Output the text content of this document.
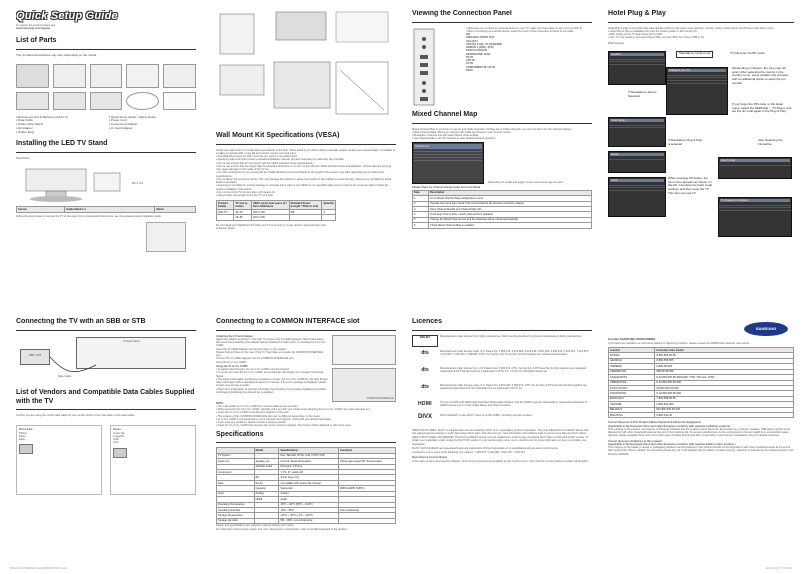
Quick Setup Guide
To register the product please see
www.samsung.com/register
List of Parts
The provided accessories may vary depending on the model.
▪ Remote Control & Batteries (AAA x 2)
▪ Data Cable
▪ Holder-Wire Stand
▪ AV Adapter
▪ Holder-Ring
▪ Quick Setup Guide / Safety Guide
▪ Power Cord
▪ Component Adapter
▪ CI Card Adapter
Installing the LED TV Stand
Stand Parts
M4 X L12
Screws	Guide Stand x 1	Stand
Follow the steps below to connect the TV to the stand. For more detailed instructions, see the separate stand installation guide.
Wall Mount Kit Specifications (VESA)
Install your wall mount on a solid wall perpendicular to the floor. When attaching to other building materials, please contact your nearest dealer. If installed on a ceiling or slanted wall, it may fall and result in severe personal injury.
▪ Standard dimensions for wall mount kits are shown in the table below.
▪ Samsung wall mount kits contain a detailed installation manual. All parts necessary for assembly are provided.
▪ Do not use screws that do not comply with the VESA standard screw specifications.
▪ Do not use screws that are longer than the standard dimension or do not comply with the VESA standard screw specifications. Screws that are too long may cause damage to the inside of the TV set.
▪ For wall mounts that do not comply with the VESA standard screw specifications, the length of the screws may differ depending on the wall mount specifications.
▪ Do not fasten the screws too firmly. This may damage the product or cause the product to fall, leading to personal injury. Samsung is not liable for these kinds of accidents.
▪ Samsung is not liable for product damage or personal injury when a non-VESA or non-specified wall mount is used or the consumer fails to follow the product installation instructions.
▪ Do not mount the TV at more than a 15 degree tilt.
▪ Always have two people mount the TV on a wall.
Product Family	TV size in inches	VESA screw hole specs (A * B) in millimeters	Standard Screw (Length * Pitch in mm)	Quantity
LED-TV	32~40	200 X 200	M8	4
	46~55	400 X 400		
Do not install your Wall Mount Kit while your TV is turned on. It may result in personal injury due to electric shock.
Viewing the Connection Panel
▪ Whenever you connect an external device to your TV, make sure that power on the unit is turned off.
▪ When connecting an external device, match the color of the connection terminal to the cable.
DVI
VARIABLE AUDIO OUT
VGA (PC)
USB (5V 0.5A) / CLOCK(HDD)
HDMI IN 1 (ARC), (DVI)
PC/DVI AUDIO IN
HEADPHONE JACK
PC IN
ANT IN
PC IN
COMPONENT IN / AV IN
DATA
Mixed Channel Map
Mixed Channel Map is a function to mix Air and Cable channels. (If three are in Cable channels, you can mix them into the channel setting.)
▪ Mixed channel Map: Mixing Air channel with Cable and shows in your remote control.
▪ Broadcast / Channel List and select Mixed Channel Map.
▪ Use Channel Edit to sort the channel as user desired channel numbers.
Channel List
Depending on model and region, some menu items may not exist
Simple Steps for channel mixing under Auto tune Mode
Step	Description
1	Go to Mixed Channel Map configuration menu.
2	Operate Auto tune then check if the mixed channel list has been correctly created.
3	Store Channel Details and Channel Map Info.
4	Once Auto Tune is done, check channel list is updated.
5	Change the Mixed Channel List and the channels will be mixed automatically.
6	Check Mixed Channel Map is enabled.
Hotel Plug & Play
Hotel Plug & Play is a function that automatically performs the Hotel mode selection, Country, Setup, Clock Setup and Picture mode Setup menu.
▪ Hotel Plug & Play is available only once the whole product is first turned ON.
▪ After setting up the TV and Cloner TV to USB.
▪ Your TV only needs to exit Hotel Plug & Play, connect USB, then Clone USB to TV.
Wall Scenario
Location	Standalone mode is set	TV will enter the RF mode
If Standalone Hotel is Selected
Intelligent your TV
(Depending on Region, the step may not exist.) After selecting the country in the country menu, some models may proceed with an additional option to setup the pin number.
If you forget the PIN code, in the Hotel menu, select the SERVICE ... TV Reset, and set the pin code again in the Plug & Play.
Clock Setup
If Standalone Plug & Play is selected
Ready
After Selecting the Interactive
Auto Tuning
Clock
When pressing Off button, the next menu appears as shown on the left. Complete the hotel mode settings, and then reset the TV. The user can use TV.
TV change to complete
Connecting the TV with an SBB or STB
TV Rear Panel
SBB / STB
Data Cable
List of Vendors and Compatible Data Cables Supplied with the TV
Confirm you are using the correct data cable for your vendor. Refer to the code table on the data cables.
RJ-12 Jack
Philips
Data+
Data-
Enseo
Guest-Tek
LodgeNet
GND
3.3V
Connecting to a COMMON INTERFACE slot
Attaching the CI Card Adapter
Attach the adapter as shown in the right. To connect the CI CARD Adapter, follow these steps.
We recommend attaching the adapter before installing the wall mount, or inserting the CI or CI+ CARD.
Insert the CI CARD Adapter into the two holes on the product.
Please find two holes on the rear of the TV. Two holes are beside the COMMON INTERFACE port.
Connect the CI CARD Adapter into the COMMON INTERFACE port.
Insert the CI or CI+ CARD.
Using the CI or CI+ CARD
▪ To watch paid channels, the CI or CI+ CARD must be inserted.
▪ If you do not insert the CI or CI+ CARD, some channels will display the message Scrambled Signal.
▪ The pairing information containing a telephone number, the CI or CI+ CARD ID, the Host ID and other information will be displayed in about 2-3 minutes. If an error message is displayed, please contact your service provider.
▪ When the configuration of channel information has finished, the message Updating Completed is displayed, indicating the channel list is updated.
COMMON INTERFACE
NOTE
▪ You must obtain a CI or CI+ CARD from a local cable service provider.
▪ When removing the CI or CI+ CARD, carefully pull it out with your hands since dropping the CI or CI+ CARD may cause damage to it.
▪ Insert the CI or CI+ CARD in the direction marked on the card.
▪ The location of the COMMON INTERFACE slot may be different depending on the model.
▪ CI or CI+ CARD is not supported in some countries and regions; check with your authorized dealer.
▪ If you have any problems, please contact a service provider.
▪ Insert the CI or CI+ CARD that supports the current antenna settings. The screen will be distorted or will not be seen.
Specifications
	Model	Specifications	Comment
TV System		PAL, SECAM, NTSC 4.43, NTSC 3.58	
Audio out	Speaker out	Internal / External Speaker	Phone jack output 8Ω, Sound output
	Variable Audio	RCA jack, 0.5Vrms	
Component		Y, Pb, Pr: audio L/R	
	RF	Tuner Input only	
Data	RJ-12	Compatible with Guest-Tek / Enseo	
	Capacity	Supported	FRPH-ENPD SUPPL
Input	Analog	Analog	
	HDMI	Audio	
Operating Temperature		10°C ~ 40°C (50°F ~ 104°F)	
Operating Humidity		10% ~ 80%	Non condensing
Storage Temperature		-20°C ~ 45°C (-4°F ~ 113°F)	
Storage Humidity		5% ~ 95%, non-condensing	
Design and specifications are subject to change without prior notice.
For information about power supply, and more about power consumption, refer to the label attached to the product.
Licences
DOLBY	Manufactured under license from Dolby Laboratories. Dolby and the double-D symbol are trademarks of Dolby Laboratories.
dts	Manufactured under license under U.S. Patent #'s: 5,956,674; 5,974,380; 6,226,616; 6,487,535; 6,842,076; 7,003,467; 7,212,872; 7,272,567; 7,333,929; 7,548,853. DTS, the Symbol, & DTS and the Symbol together are registered trademarks.
dts	Manufactured under license from U.S. Patent Nos: 5,956,674. DTS, the Symbol, & DTS and the Symbol together are registered trademarks & DTS Studio Sound is a trademark of DTS, Inc. © DTS, Inc. All Rights Reserved.
dts	Manufactured under license under U.S. Patent #'s: 5,451,942; 5,956,674. DTS, the Symbol, & DTS and the Symbol together are registered trademarks & DTS 2.0+Digital Out is a trademark of DTS, Inc.
HDMI	The terms HDMI and HDMI High-Definition Multimedia Interface, and the HDMI Logo are trademarks or registered trademarks of HDMI Licensing LLC in the United States and other countries.
DIVX	DivX Certified® to play DivX® video up to HD 1080p, including premium content.
ABOUT DIVX VIDEO: DivX® is a digital video format created by DivX, LLC, a subsidiary of Rovi Corporation. This is an official DivX Certified® device that has passed rigorous testing to verify that it plays DivX video. Visit divx.com for more information and software tools to convert your files into DivX videos.
ABOUT DIVX VIDEO-ON-DEMAND: This DivX Certified® device must be registered in order to play purchased DivX Video-on-Demand (VOD) movies. To obtain your registration code, locate the DivX VOD section in your device setup menu. Go to vod.divx.com for more information on how to complete your registration.
DivX®, DivX Certified® and associated logos are trademarks of Rovi Corporation or its subsidiaries and are used under license.
Covered by one or more of the following U.S. patents: 7,295,673; 7,460,668; 7,515,710; 7,519,274
Open Source License Notice
In the case of using open source software, Open Source Licenses are available on the product menu. Open Source License Notice is written only English.
SAMSUNG
Contact SAMSUNG WORLDWIDE
If you have any questions or comments relating to Samsung products, please contact the SAMSUNG customer care centre.
Country	Customer Care Centre
RUSSIA	8-800-555-55-55
GEORGIA	8-800-555-555
ARMENIA	0-800-05-555
AZERBAIJAN	088-55-55-555
KAZAKHSTAN	8-10-800-500-55-500(GSM: 7799, VIP care: 7799)
UZBEKISTAN	8-10-800-500-55-500
KYRGYZSTAN	00-800-500-55-500
TADJIKISTAN	8-10-800-500-55-500
MONGOLIA	7-800-555-55-55
UKRAINE	0-800-502-000
BELARUS	810-800-500-55-500
MOLDOVA	0-800-614-40
Correct Disposal of This Product (Waste Electrical & Electronic Equipment)
(Applicable in the European Union and other European countries with separate collection systems)
This marking on the product, accessories or literature indicates that the product and its electronic accessories (e.g. charger, headset, USB cable) should not be disposed of with other household waste at the end of their working life. To prevent possible harm to the environment or human health from uncontrolled waste disposal, please separate these items from other types of waste and recycle them responsibly to promote the sustainable reuse of material resources.
Correct disposal of batteries in this product
(Applicable in the European Union and other European countries with separate battery return systems.)
This marking on the battery, manual or packaging indicates that the batteries in this product should not be disposed of with other household waste at the end of their working life. Where marked, the chemical symbols Hg, Cd or Pb indicate that the battery contains mercury, cadmium or lead above the reference levels in EC Directive 2006/66.
[HG32-40-46-55EB690-UA-ENG] BN68-XXXXX.indd 1	2014-03-18 오후 3:51:43
